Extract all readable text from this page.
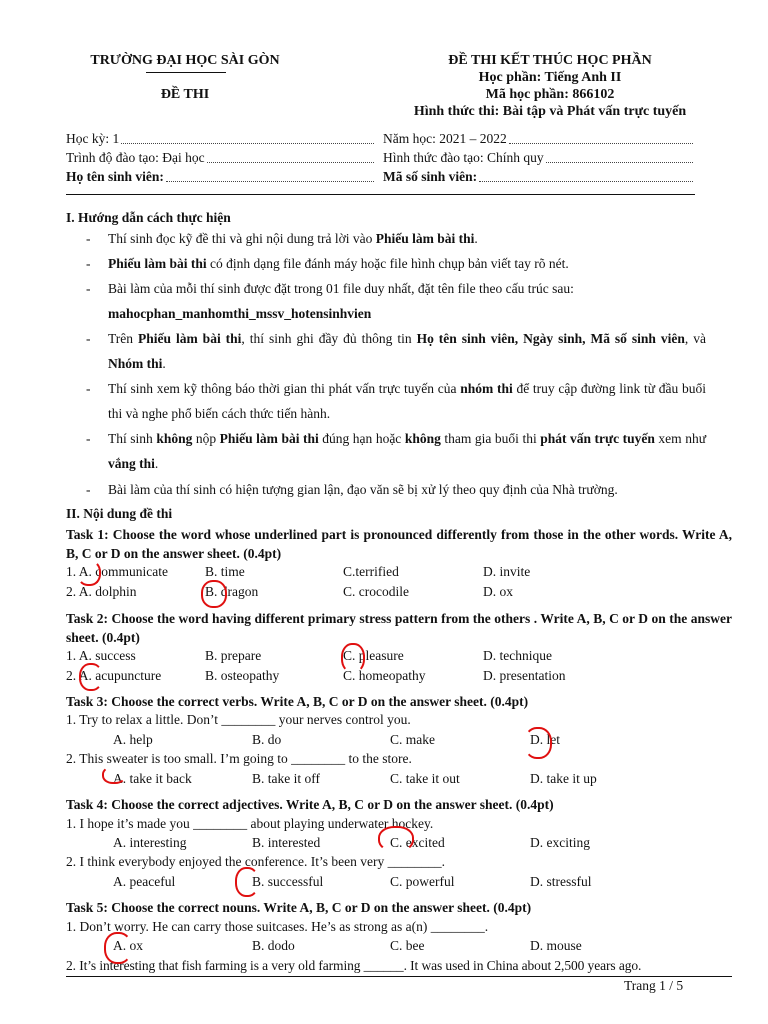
TRƯỜNG ĐẠI HỌC SÀI GÒN
ĐỀ THI
ĐỀ THI KẾT THÚC HỌC PHẦN
Học phần: Tiếng Anh II
Mã học phần: 866102
Hình thức thi: Bài tập và Phát vấn trực tuyến
Học kỳ: 1	Năm học: 2021 – 2022
Trình độ đào tạo: Đại học	Hình thức đào tạo: Chính quy
Họ tên sinh viên:	Mã số sinh viên:
I. Hướng dẫn cách thực hiện
- Thí sinh đọc kỹ đề thi và ghi nội dung trả lời vào Phiếu làm bài thi.
- Phiếu làm bài thi có định dạng file đánh máy hoặc file hình chụp bản viết tay rõ nét.
- Bài làm của mỗi thí sinh được đặt trong 01 file duy nhất, đặt tên file theo cấu trúc sau:
mahocphan_manhomthi_mssv_hotensinhvien
- Trên Phiếu làm bài thi, thí sinh ghi đầy đủ thông tin Họ tên sinh viên, Ngày sinh, Mã số sinh viên, và Nhóm thi.
- Thí sinh xem kỹ thông báo thời gian thi phát vấn trực tuyến của nhóm thi để truy cập đường link từ đầu buổi thi và nghe phổ biến cách thức tiến hành.
- Thí sinh không nộp Phiếu làm bài thi đúng hạn hoặc không tham gia buổi thi phát vấn trực tuyến xem như vắng thi.
- Bài làm của thí sinh có hiện tượng gian lận, đạo văn sẽ bị xử lý theo quy định của Nhà trường.
II. Nội dung đề thi
Task 1: Choose the word whose underlined part is pronounced differently from those in the other words. Write A, B, C or D on the answer sheet. (0.4pt)
1. A. communicate	B. time	C.terrified	D. invite
2. A. dolphin	B. dragon	C. crocodile	D. ox
Task 2: Choose the word having different primary stress pattern from the others . Write A, B, C or D on the answer sheet. (0.4pt)
1. A. success	B. prepare	C. pleasure	D. technique
2. A. acupuncture	B. osteopathy	C. homeopathy	D. presentation
Task 3: Choose the correct verbs. Write A, B, C or D on the answer sheet. (0.4pt)
1. Try to relax a little. Don’t ________ your nerves control you.
A. help	B. do	C. make	D. let
2. This sweater is too small. I’m going to ________ to the store.
A. take it back	B. take it off	C. take it out	D. take it up
Task 4: Choose the correct adjectives. Write A, B, C or D on the answer sheet. (0.4pt)
1. I hope it’s made you ________ about playing underwater hockey.
A. interesting	B. interested	C. excited	D. exciting
2. I think everybody enjoyed the conference. It’s been very ________.
A. peaceful	B. successful	C. powerful	D. stressful
Task 5: Choose the correct nouns. Write A, B, C or D on the answer sheet. (0.4pt)
1. Don’t worry. He can carry those suitcases. He’s as strong as a(n) ________.
A. ox	B. dodo	C. bee	D. mouse
2. It’s interesting that fish farming is a very old farming ______. It was used in China about 2,500 years ago.
Trang 1 / 5
